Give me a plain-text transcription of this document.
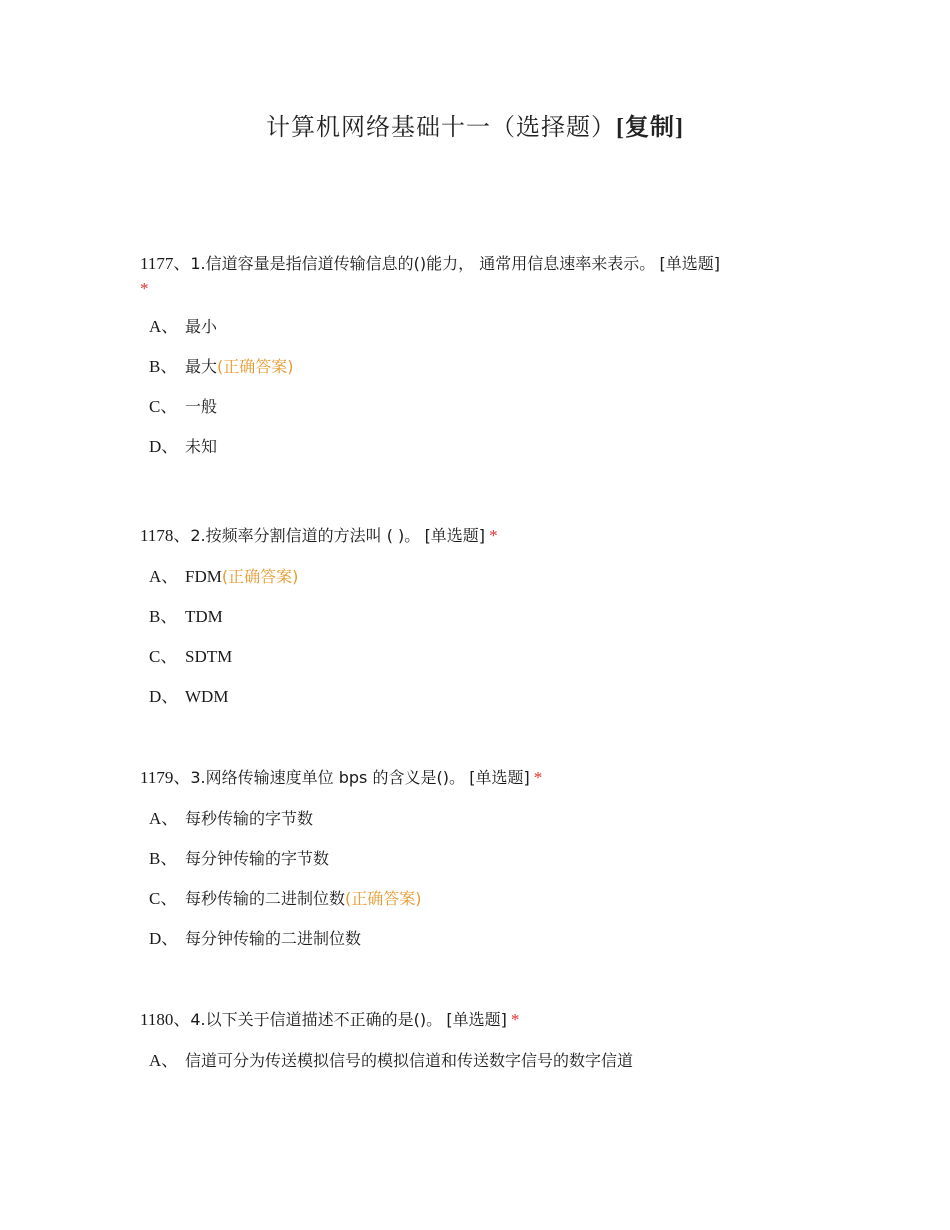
计算机网络基础十一（选择题）[复制]
1177、1.信道容量是指信道传输信息的()能力， 通常用信息速率来表示。 [单选题]
*
A、 最小
B、 最大(正确答案)
C、 一般
D、 未知
1178、2.按频率分割信道的方法叫 ( )。 [单选题] *
A、 FDM(正确答案)
B、 TDM
C、 SDTM
D、 WDM
1179、3.网络传输速度单位 bps 的含义是()。 [单选题] *
A、 每秒传输的字节数
B、 每分钟传输的字节数
C、 每秒传输的二进制位数(正确答案)
D、 每分钟传输的二进制位数
1180、4.以下关于信道描述不正确的是()。 [单选题] *
A、 信道可分为传送模拟信号的模拟信道和传送数字信号的数字信道
